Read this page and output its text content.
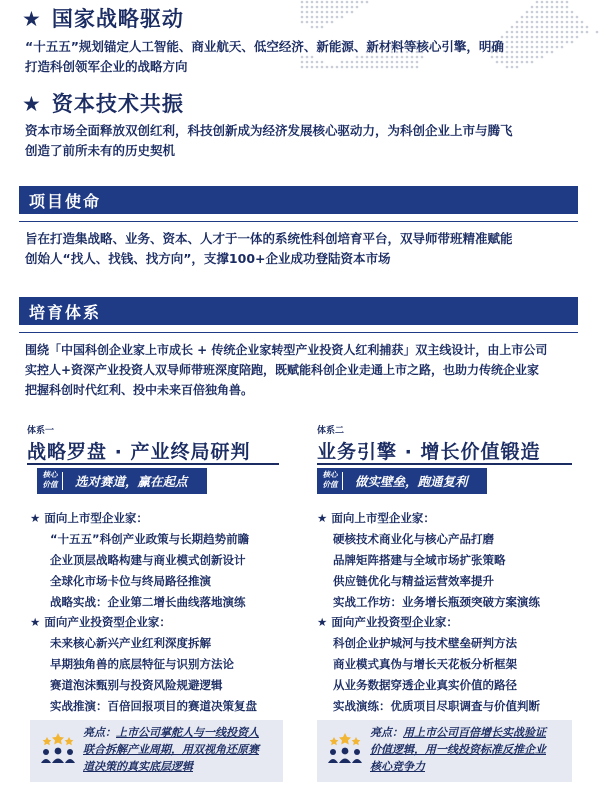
★ 国家战略驱动
“十五五”规划锚定人工智能、商业航天、低空经济、新能源、新材料等核心引擎，明确
打造科创领军企业的战略方向
★ 资本技术共振
资本市场全面释放双创红利，科技创新成为经济发展核心驱动力，为科创企业上市与腾飞
创造了前所未有的历史契机
项目使命
旨在打造集战略、业务、资本、人才于一体的系统性科创培育平台，双导师带班精准赋能
创始人“找人、找钱、找方向”，支撑100+企业成功登陆资本市场
培育体系
围绕「中国科创企业家上市成长 + 传统企业家转型产业投资人红利捕获」双主线设计，由上市公司
实控人+资深产业投资人双导师带班深度陪跑，既赋能科创企业走通上市之路，也助力传统企业家
把握科创时代红利、投中未来百倍独角兽。
体系一
战略罗盘 · 产业终局研判
核心价值 选对赛道，赢在起点
★ 面向上市型企业家：
“十五五”科创产业政策与长期趋势前瞻
企业顶层战略构建与商业模式创新设计
全球化市场卡位与终局路径推演
战略实战：企业第二增长曲线落地演练
★ 面向产业投资型企业家：
未来核心新兴产业红利深度拆解
早期独角兽的底层特征与识别方法论
赛道泡沫甄别与投资风险规避逻辑
实战推演：百倍回报项目的赛道决策复盘
亮点：上市公司掌舵人与一线投资人
联合拆解产业周期，用双视角还原赛
道决策的真实底层逻辑
体系二
业务引擎 · 增长价值锻造
核心价值 做实壁垒，跑通复利
★ 面向上市型企业家：
硬核技术商业化与核心产品打磨
品牌矩阵搭建与全域市场扩张策略
供应链优化与精益运营效率提升
实战工作坊：业务增长瓶颈突破方案演练
★ 面向产业投资型企业家：
科创企业护城河与技术壁垒研判方法
商业模式真伪与增长天花板分析框架
从业务数据穿透企业真实价值的路径
实战演练：优质项目尽职调查与价值判断
亮点：用上市公司百倍增长实战验证
价值逻辑，用一线投资标准反推企业
核心竞争力
